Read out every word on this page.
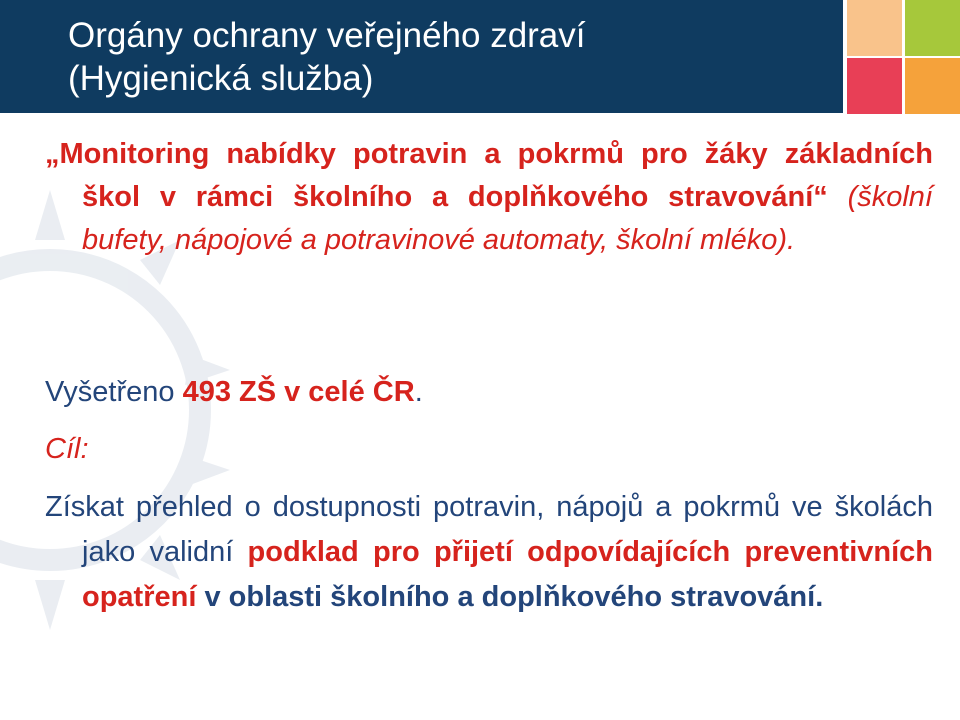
Orgány ochrany veřejného zdraví
(Hygienická služba)

„Monitoring nabídky potravin a pokrmů pro žáky základních škol v rámci školního a doplňkového stravování“ (školní bufety, nápojové a potravinové automaty, školní mléko).

Vyšetřeno 493 ZŠ v celé ČR.

Cíl:

Získat přehled o dostupnosti potravin, nápojů a pokrmů ve školách jako validní podklad pro přijetí odpovídajících preventivních opatření v oblasti školního a doplňkového stravování.
